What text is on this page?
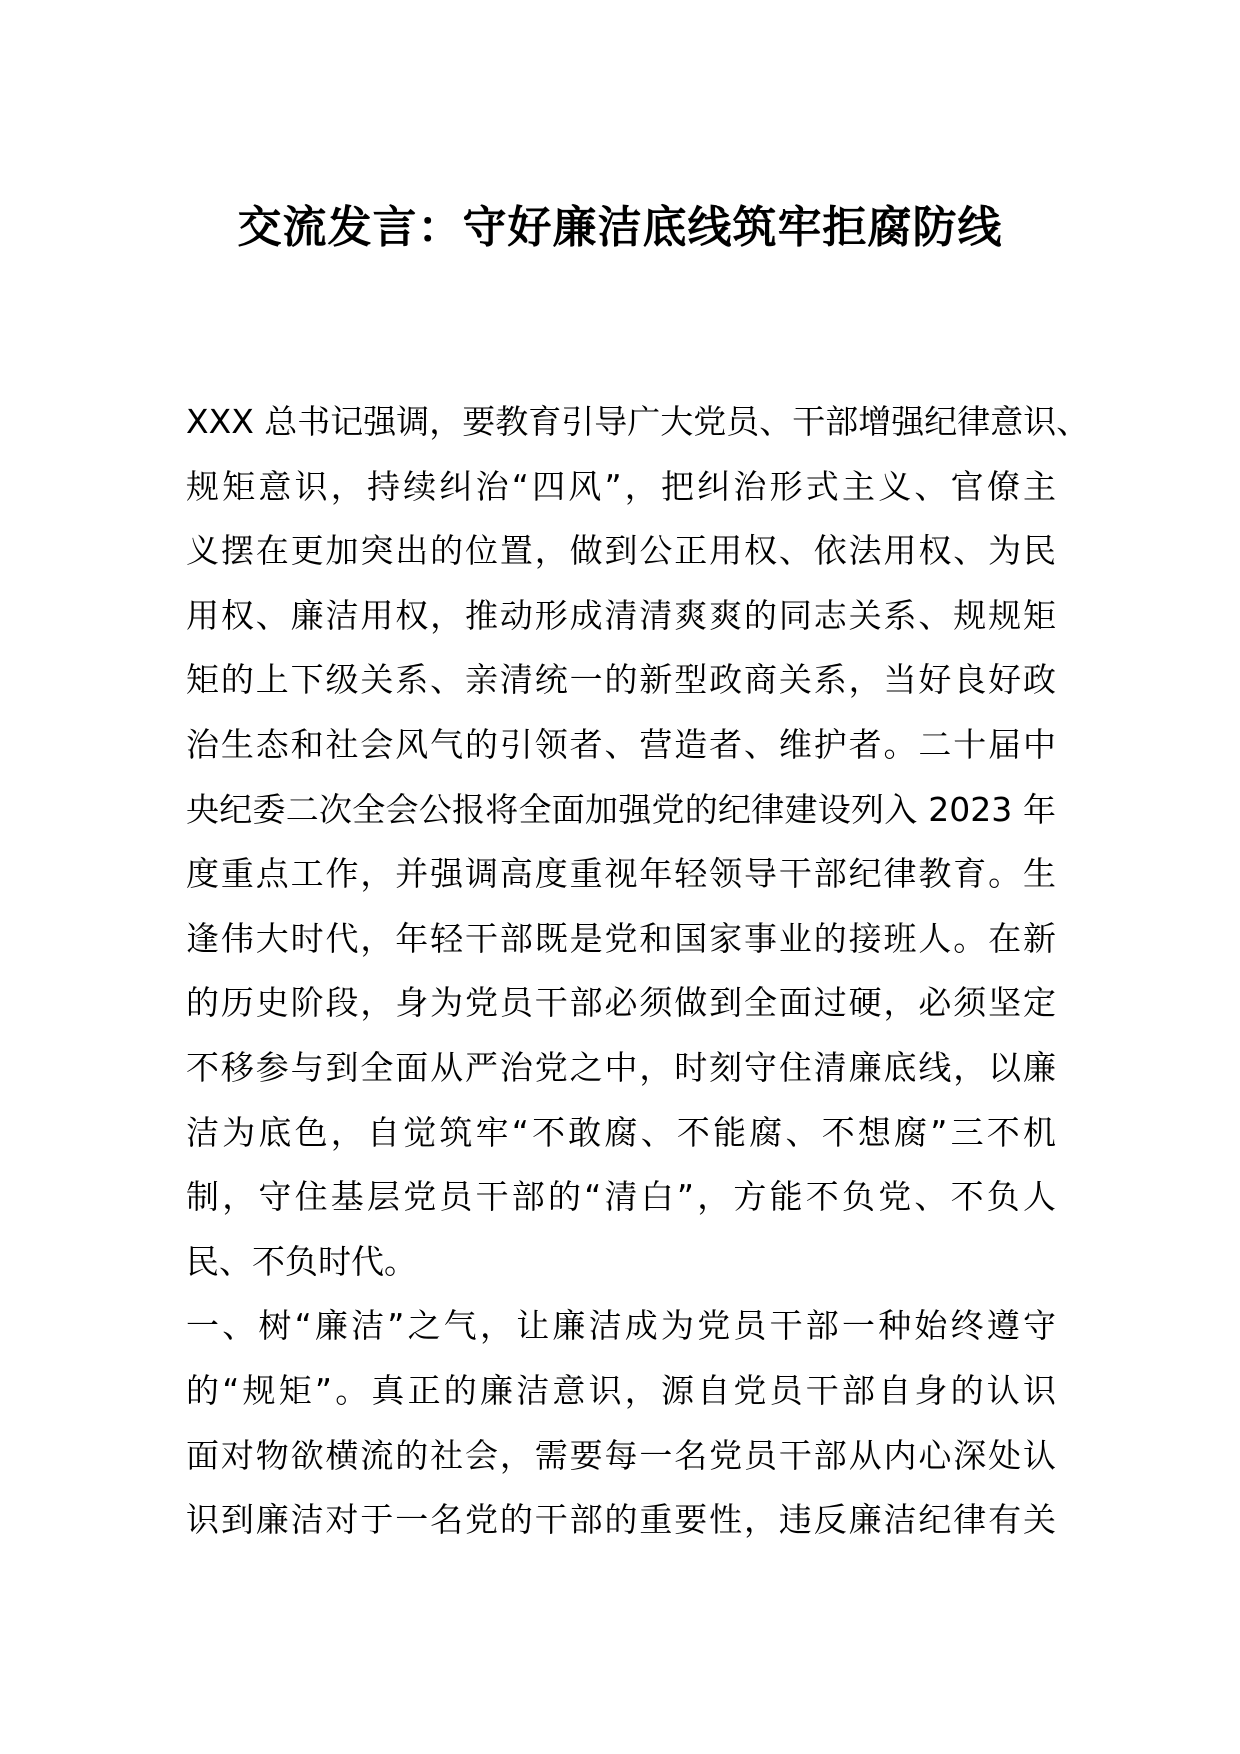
交流发言：守好廉洁底线筑牢拒腐防线
XXX 总书记强调，要教育引导广大党员、干部增强纪律意识、
规矩意识，持续纠治“四风”，把纠治形式主义、官僚主
义摆在更加突出的位置，做到公正用权、依法用权、为民
用权、廉洁用权，推动形成清清爽爽的同志关系、规规矩
矩的上下级关系、亲清统一的新型政商关系，当好良好政
治生态和社会风气的引领者、营造者、维护者。二十届中
央纪委二次全会公报将全面加强党的纪律建设列入 2023 年
度重点工作，并强调高度重视年轻领导干部纪律教育。生
逢伟大时代，年轻干部既是党和国家事业的接班人。在新
的历史阶段，身为党员干部必须做到全面过硬，必须坚定
不移参与到全面从严治党之中，时刻守住清廉底线，以廉
洁为底色，自觉筑牢“不敢腐、不能腐、不想腐”三不机
制，守住基层党员干部的“清白”，方能不负党、不负人
民、不负时代。
一、树“廉洁”之气，让廉洁成为党员干部一种始终遵守
的“规矩”。真正的廉洁意识，源自党员干部自身的认识
面对物欲横流的社会，需要每一名党员干部从内心深处认
识到廉洁对于一名党的干部的重要性，违反廉洁纪律有关
